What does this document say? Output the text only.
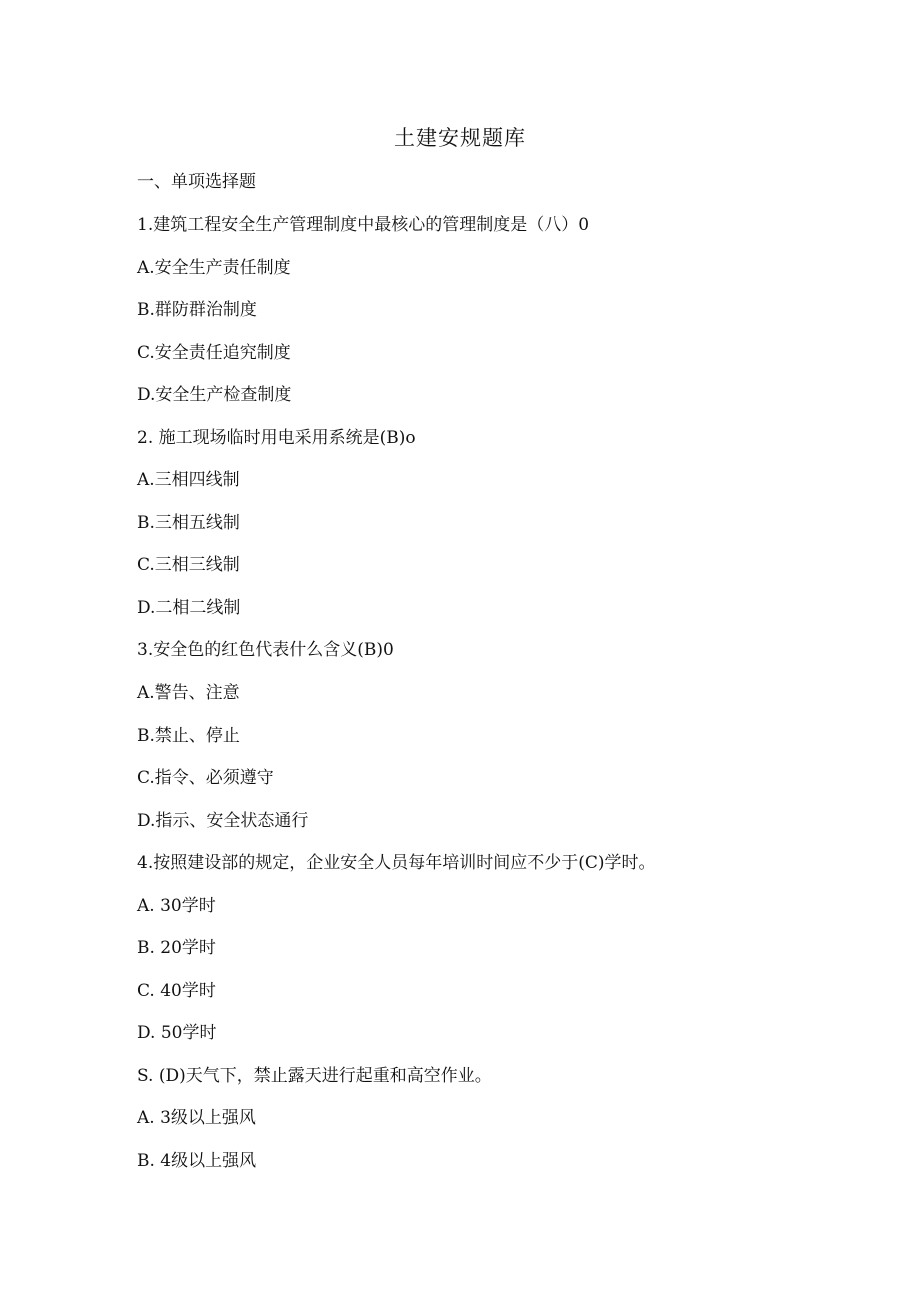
土建安规题库
一、单项选择题
1.建筑工程安全生产管理制度中最核心的管理制度是（八）0
A.安全生产责任制度
B.群防群治制度
C.安全责任追究制度
D.安全生产检查制度
2. 施工现场临时用电采用系统是(B)o
A.三相四线制
B.三相五线制
C.三相三线制
D.二相二线制
3.安全色的红色代表什么含义(B)0
A.警告、注意
B.禁止、停止
C.指令、必须遵守
D.指示、安全状态通行
4.按照建设部的规定，企业安全人员每年培训时间应不少于(C)学时。
A. 30学时
B. 20学时
C. 40学时
D. 50学时
S. (D)天气下，禁止露天进行起重和高空作业。
A. 3级以上强风
B. 4级以上强风
